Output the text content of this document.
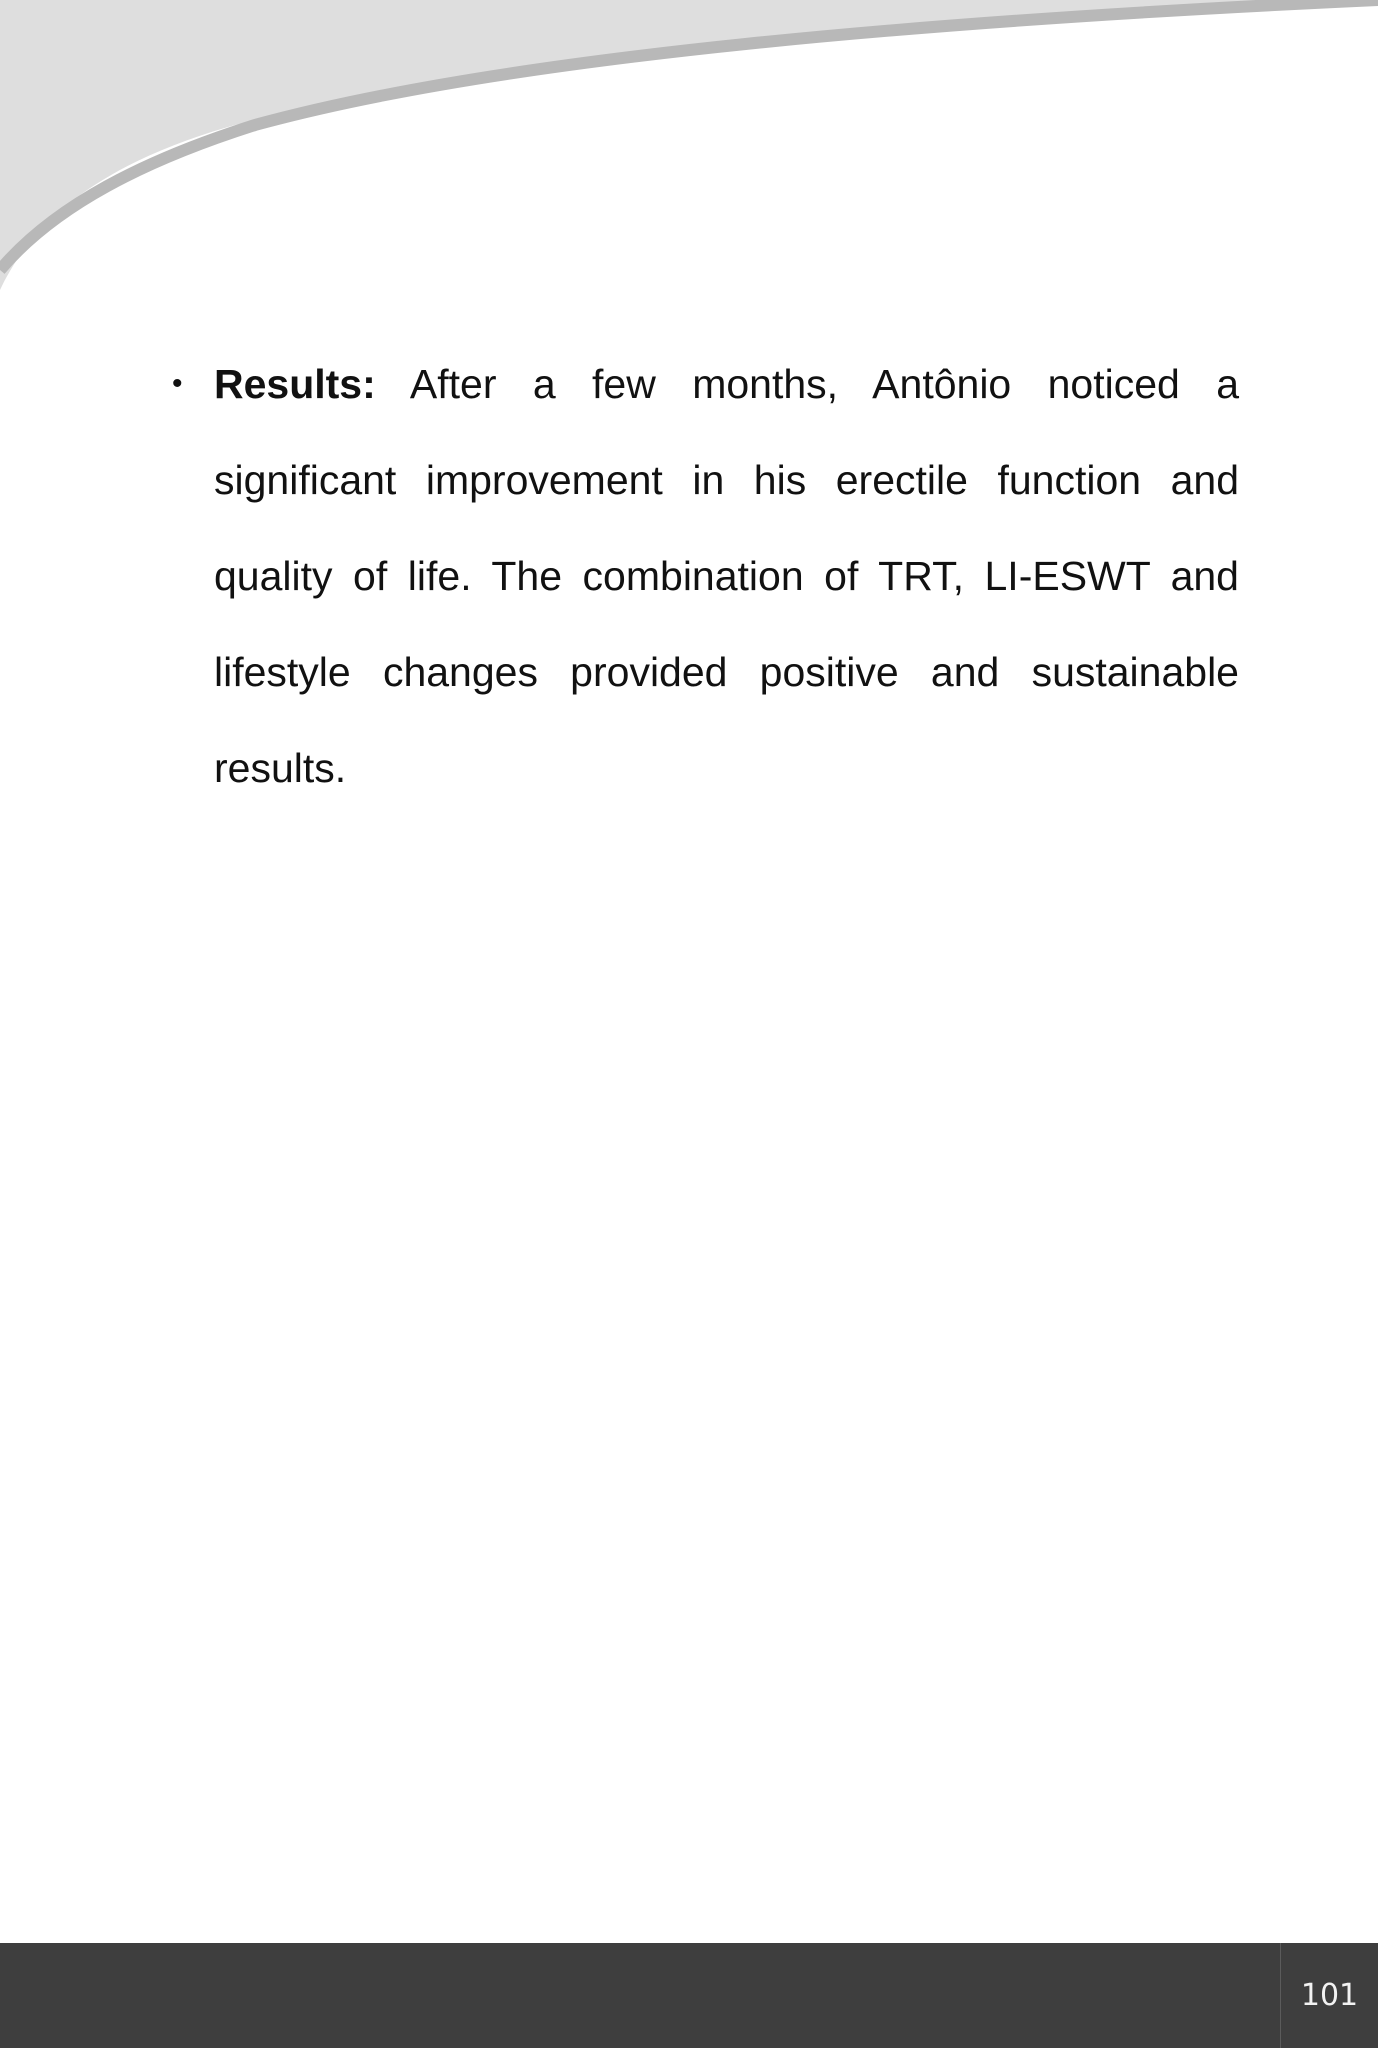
• Results: After a few months, Antônio noticed a significant improvement in his erectile function and quality of life. The combination of TRT, LI-ESWT and lifestyle changes provided positive and sustainable results.
101
